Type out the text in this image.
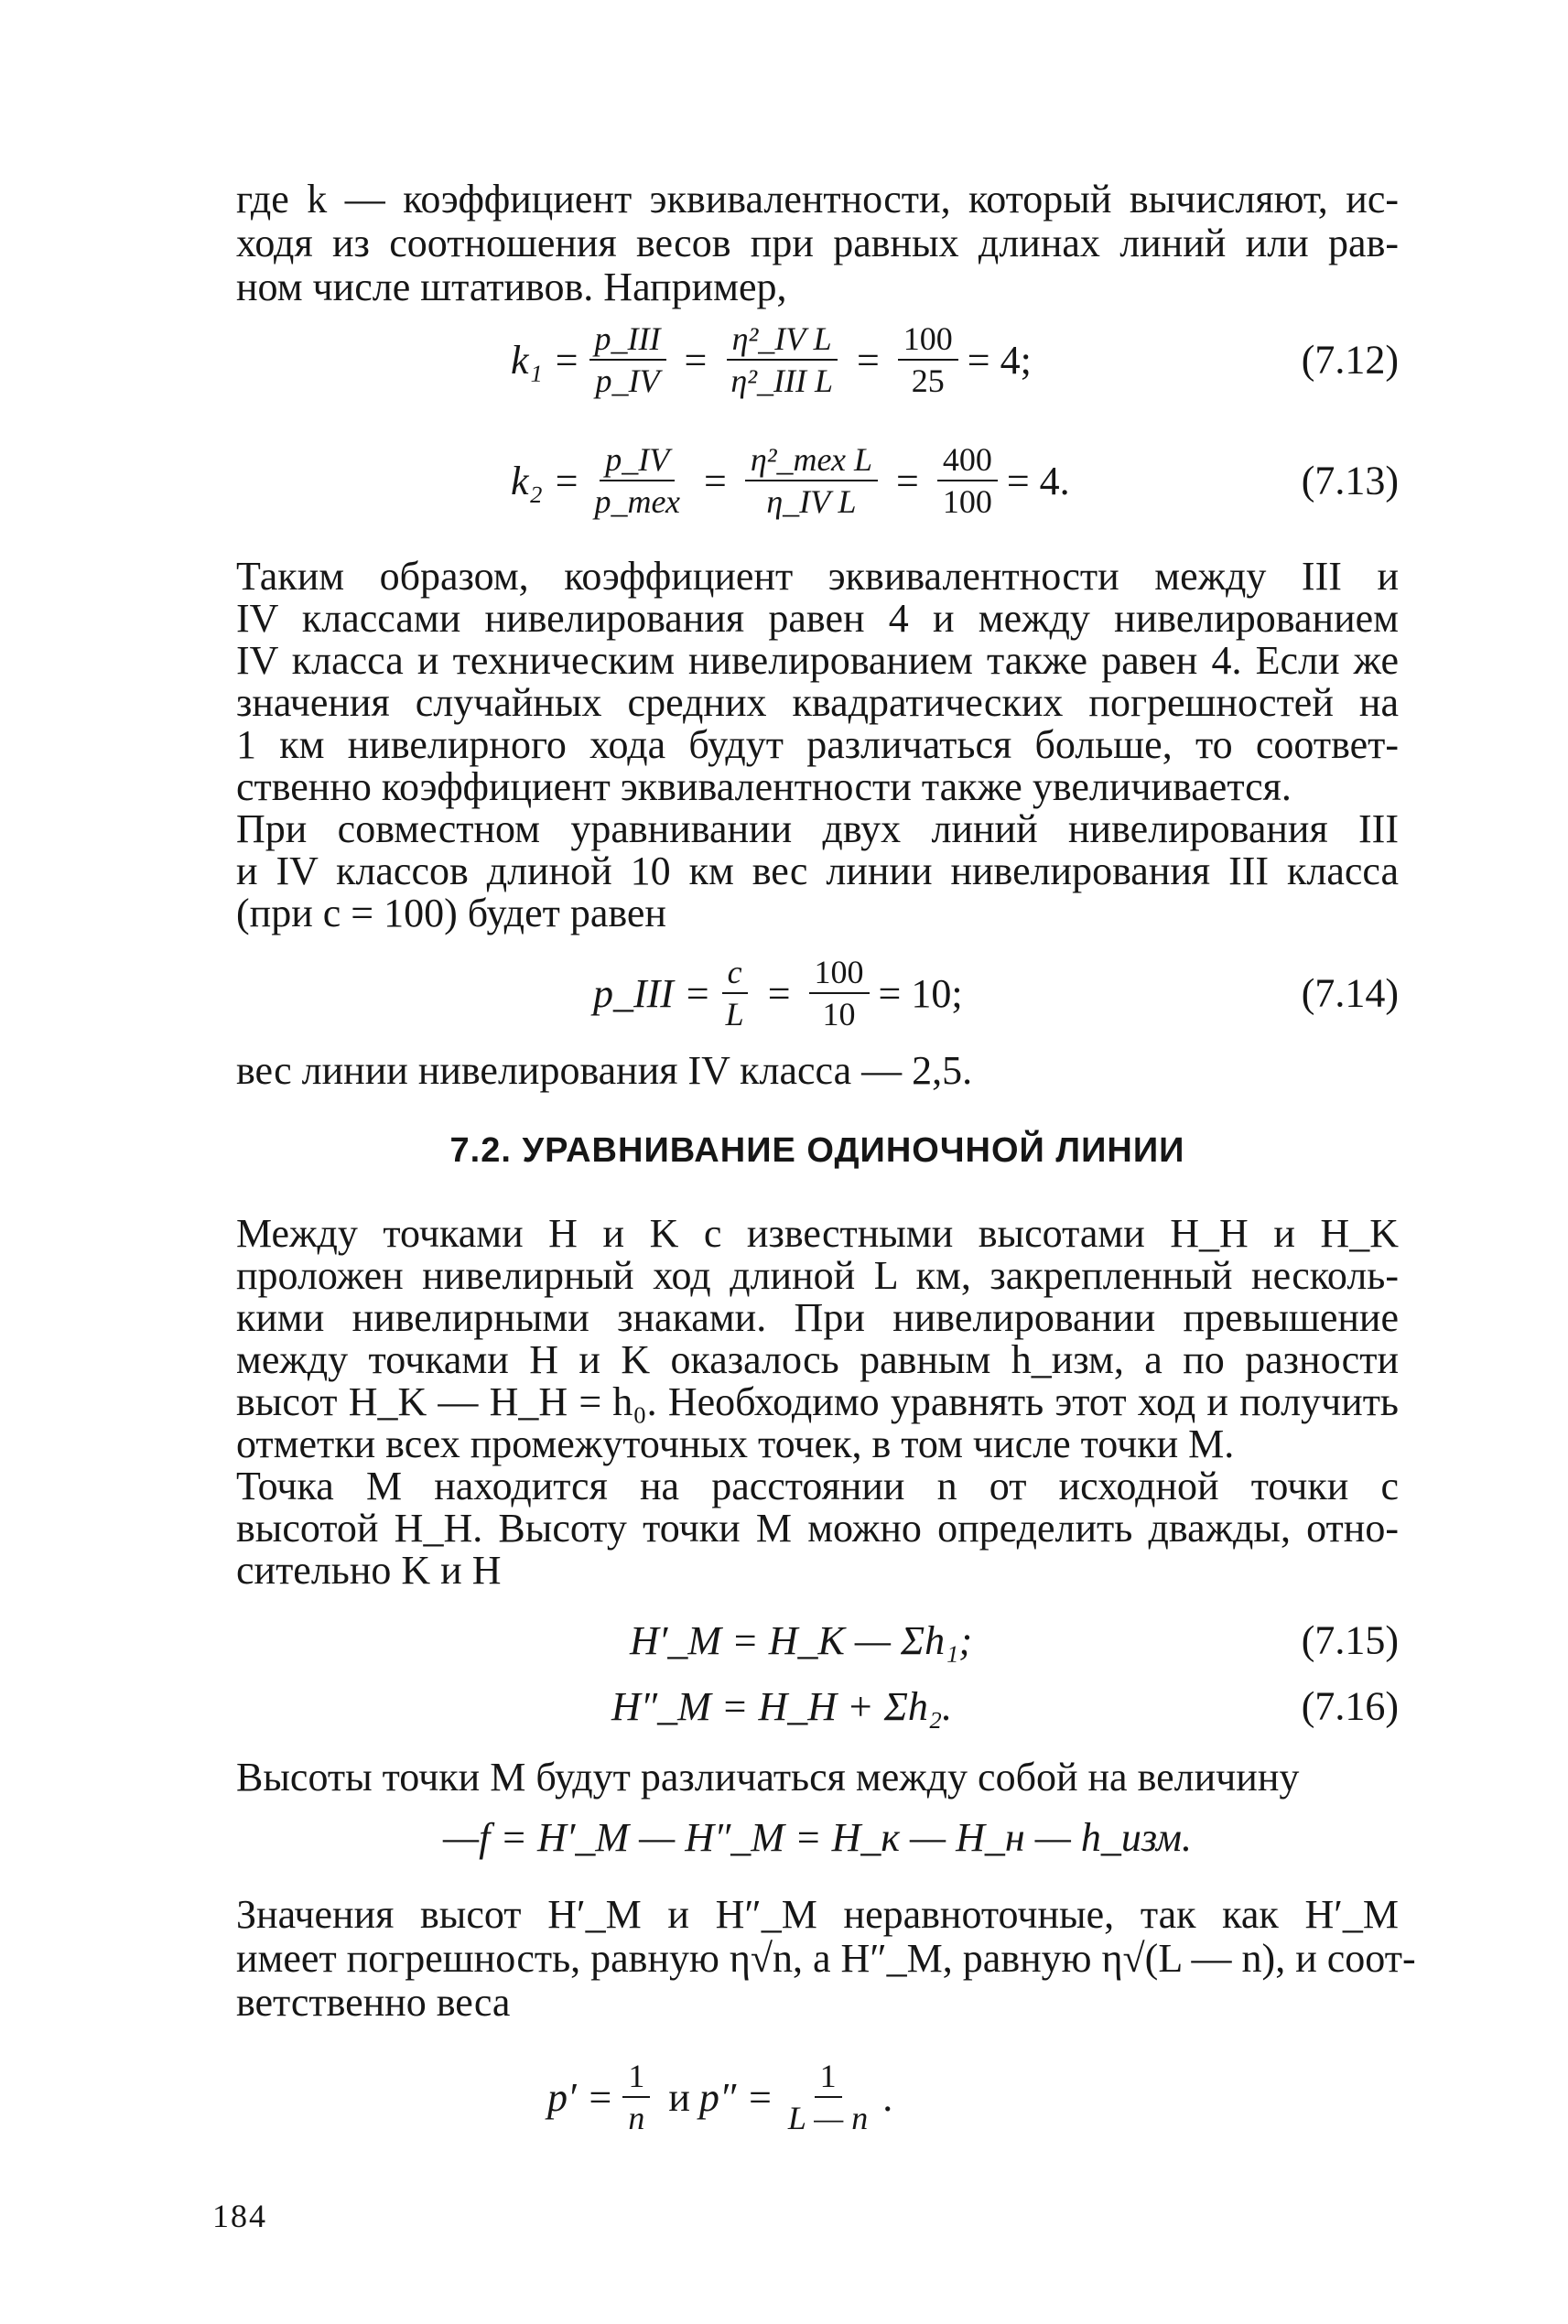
где k — коэффициент эквивалентности, который вычисляют, ис-
ходя из соотношения весов при равных длинах линий или рав-
ном числе штативов. Например,
$k_1 = \frac{\text{p\_III}}{p\_IV} = \frac{\text{η²\_IV L}}{\text{η²\_III L}} = \frac{100}{25} = 4$;	(7.12)
$k_2 = \frac{p\_IV}{\text{p\_тех}} = \frac{\text{η²\_тех L}}{\text{η\_IV L}} = \frac{400}{100} = 4$.	(7.13)
Таким образом, коэффициент эквивалентности между III и
IV классами нивелирования равен 4 и между нивелированием
IV класса и техническим нивелированием также равен 4. Если же
значения случайных средних квадратических погрешностей на
1 км нивелирного хода будут различаться больше, то соответ-
ственно коэффициент эквивалентности также увеличивается.
При совместном уравнивании двух линий нивелирования III
и IV классов длиной 10 км вес линии нивелирования III класса
(при c = 100) будет равен
p_III = $\frac{c}{L} = \frac{100}{10} = 10$;	(7.14)
вес линии нивелирования IV класса — 2,5.
7.2. УРАВНИВАНИЕ ОДИНОЧНОЙ ЛИНИИ
Между точками H и K с известными высотами H_H и H_K
проложен нивелирный ход длиной L км, закрепленный несколь-
кими нивелирными знаками. При нивелировании превышение
между точками H и K оказалось равным h_изм, а по разности
высот H_K — H_H = h₀. Необходимо уравнять этот ход и получить
отметки всех промежуточных точек, в том числе точки M.
Точка M находится на расстоянии n от исходной точки с
высотой H_H. Высоту точки M можно определить дважды, отно-
сительно K и H
H′_M = H_K — Σh₁;	(7.15)
H″_M = H_H + Σh₂.	(7.16)
Высоты точки M будут различаться между собой на величину
—f = H′_M — H″_M = H_к — H_н — h_изм.
Значения высот H′_M и H″_M неравноточные, так как H′_M
имеет погрешность, равную η√n, а H″_M, равную η√(L — n), и соот-
ветственно веса
$p' = \frac{1}{n}$ и $p'' = \frac{1}{L — n}$ .
184
